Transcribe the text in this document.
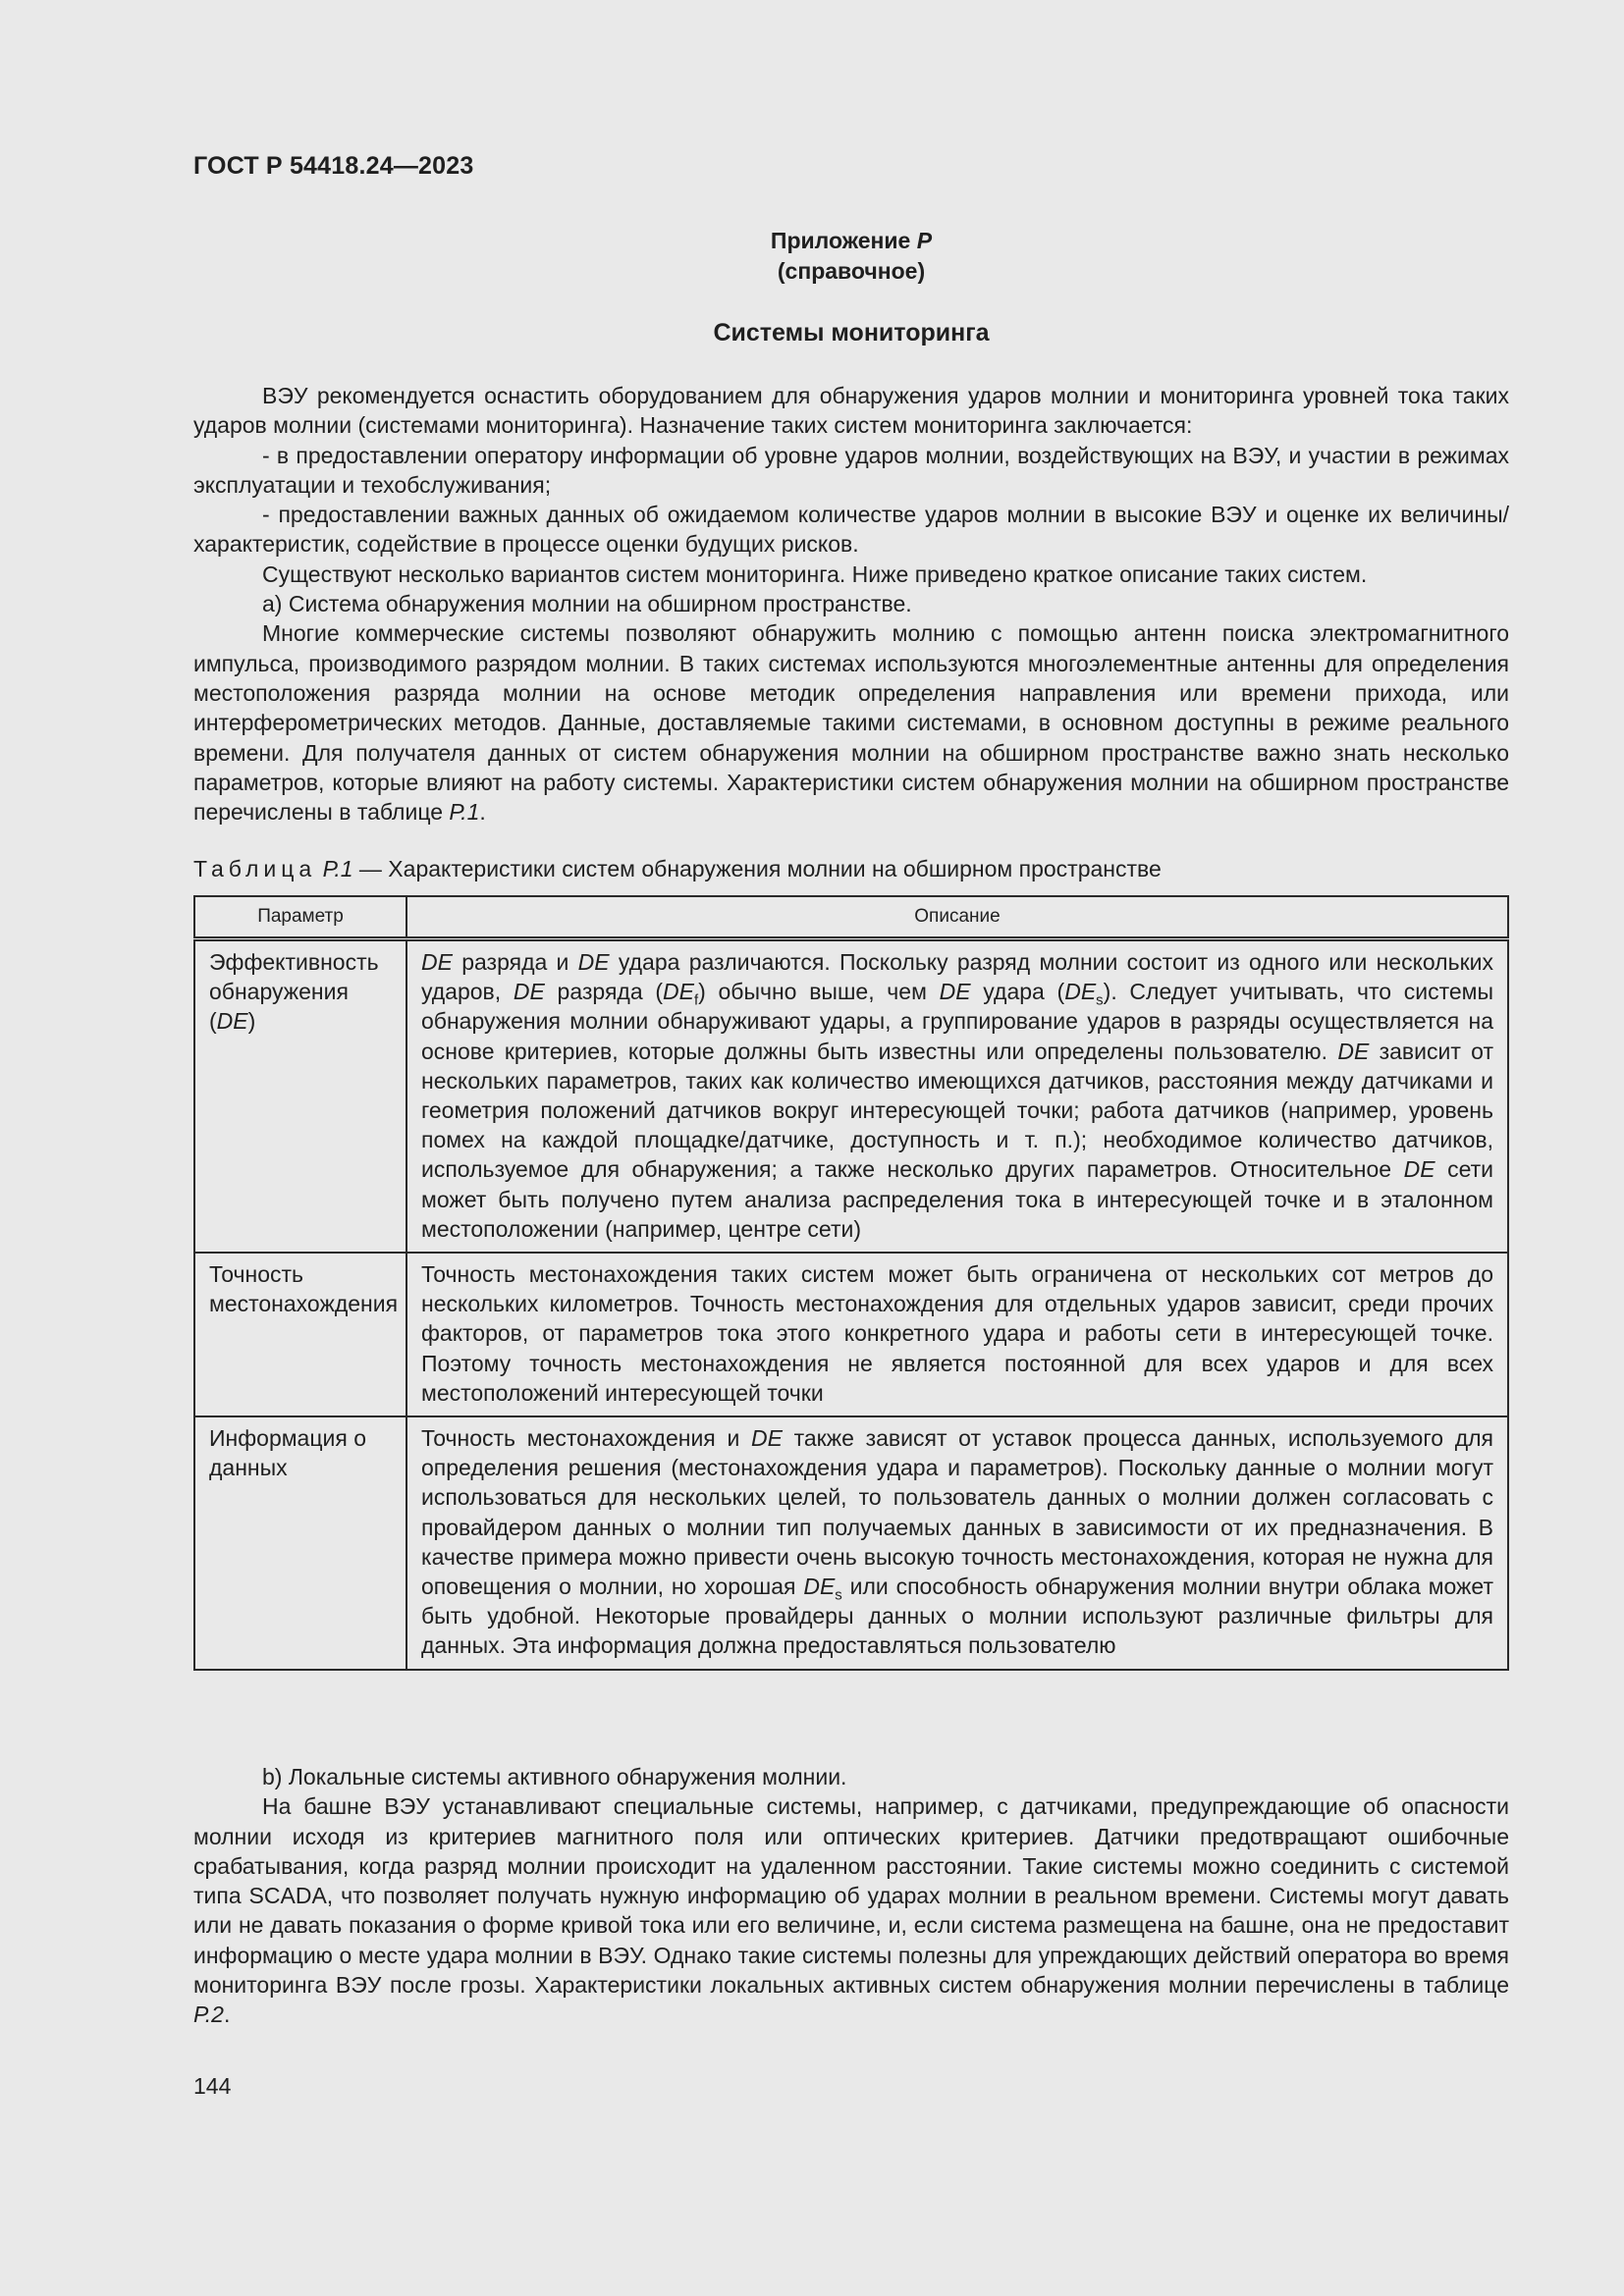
ГОСТ Р 54418.24—2023
Приложение Р
(справочное)
Системы мониторинга

ВЭУ рекомендуется оснастить оборудованием для обнаружения ударов молнии и мониторинга уровней тока таких ударов молнии (системами мониторинга). Назначение таких систем мониторинга заключается:

- в предоставлении оператору информации об уровне ударов молнии, воздействующих на ВЭУ, и участии в режимах эксплуатации и техобслуживания;

- предоставлении важных данных об ожидаемом количестве ударов молнии в высокие ВЭУ и оценке их величины/характеристик, содействие в процессе оценки будущих рисков.

Существуют несколько вариантов систем мониторинга. Ниже приведено краткое описание таких систем.

a) Система обнаружения молнии на обширном пространстве.

Многие коммерческие системы позволяют обнаружить молнию с помощью антенн поиска электромагнитного импульса, производимого разрядом молнии. В таких системах используются многоэлементные антенны для определения местоположения разряда молнии на основе методик определения направления или времени прихода, или интерферометрических методов. Данные, доставляемые такими системами, в основном доступны в режиме реального времени. Для получателя данных от систем обнаружения молнии на обширном пространстве важно знать несколько параметров, которые влияют на работу системы. Характеристики систем обнаружения молнии на обширном пространстве перечислены в таблице Р.1.

Таблица Р.1 — Характеристики систем обнаружения молнии на обширном пространстве
Параметр	Описание
Эффективность обнаружения (DE)	DE разряда и DE удара различаются. Поскольку разряд молнии состоит из одного или нескольких ударов, DE разряда $(DE_f)$ обычно выше, чем DE удара $(DE_s)$. Следует учитывать, что системы обнаружения молнии обнаруживают удары, а группирование ударов в разряды осуществляется на основе критериев, которые должны быть известны или определены пользователю. DE зависит от нескольких параметров, таких как количество имеющихся датчиков, расстояния между датчиками и геометрия положений датчиков вокруг интересующей точки; работа датчиков (например, уровень помех на каждой площадке/датчике, доступность и т. п.); необходимое количество датчиков, используемое для обнаружения; а также несколько других параметров. Относительное DE сети может быть получено путем анализа распределения тока в интересующей точке и в эталонном местоположении (например, центре сети)
Точность местонахождения	Точность местонахождения таких систем может быть ограничена от нескольких сот метров до нескольких километров. Точность местонахождения для отдельных ударов зависит, среди прочих факторов, от параметров тока этого конкретного удара и работы сети в интересующей точке. Поэтому точность местонахождения не является постоянной для всех ударов и для всех местоположений интересующей точки
Информация о данных	Точность местонахождения и DE также зависят от уставок процесса данных, используемого для определения решения (местонахождения удара и параметров). Поскольку данные о молнии могут использоваться для нескольких целей, то пользователь данных о молнии должен согласовать с провайдером данных о молнии тип получаемых данных в зависимости от их предназначения. В качестве примера можно привести очень высокую точность местонахождения, которая не нужна для оповещения о молнии, но хорошая $DE_s$ или способность обнаружения молнии внутри облака может быть удобной. Некоторые провайдеры данных о молнии используют различные фильтры для данных. Эта информация должна предоставляться пользователю

b) Локальные системы активного обнаружения молнии.

На башне ВЭУ устанавливают специальные системы, например, с датчиками, предупреждающие об опасности молнии исходя из критериев магнитного поля или оптических критериев. Датчики предотвращают ошибочные срабатывания, когда разряд молнии происходит на удаленном расстоянии. Такие системы можно соединить с системой типа SCADA, что позволяет получать нужную информацию об ударах молнии в реальном времени. Системы могут давать или не давать показания о форме кривой тока или его величине, и, если система размещена на башне, она не предоставит информацию о месте удара молнии в ВЭУ. Однако такие системы полезны для упреждающих действий оператора во время мониторинга ВЭУ после грозы. Характеристики локальных активных систем обнаружения молнии перечислены в таблице Р.2.

144
